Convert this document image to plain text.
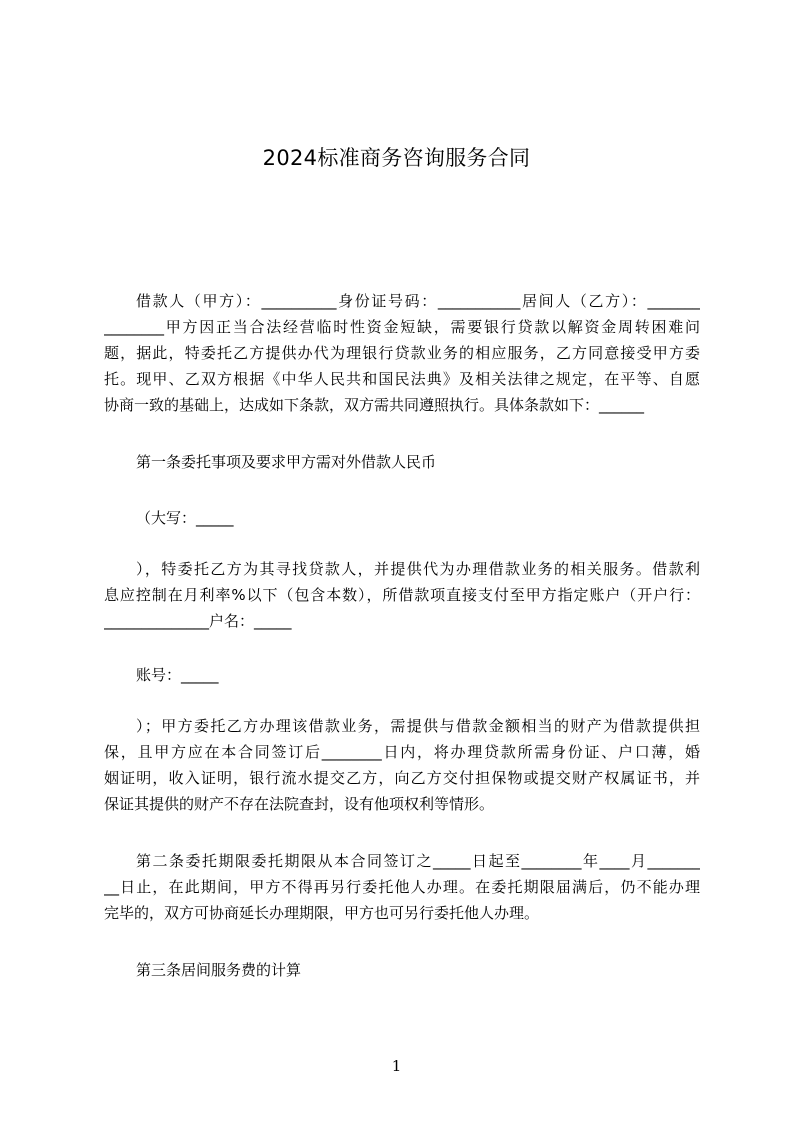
2024标准商务咨询服务合同
借款人（甲方）：__________身份证号码：___________居间人（乙方）：_______
________甲方因正当合法经营临时性资金短缺，需要银行贷款以解资金周转困难问
题，据此，特委托乙方提供办代为理银行贷款业务的相应服务，乙方同意接受甲方委
托。现甲、乙双方根据《中华人民共和国民法典》及相关法律之规定，在平等、自愿
协商一致的基础上，达成如下条款，双方需共同遵照执行。具体条款如下：______
第一条委托事项及要求甲方需对外借款人民币
（大写：_____
），特委托乙方为其寻找贷款人，并提供代为办理借款业务的相关服务。借款利
息应控制在月利率%以下（包含本数），所借款项直接支付至甲方指定账户（开户行：
______________户名：_____
账号：_____
）；甲方委托乙方办理该借款业务，需提供与借款金额相当的财产为借款提供担
保，且甲方应在本合同签订后________日内，将办理贷款所需身份证、户口薄，婚
姻证明，收入证明，银行流水提交乙方，向乙方交付担保物或提交财产权属证书，并
保证其提供的财产不存在法院查封，设有他项权利等情形。
第二条委托期限委托期限从本合同签订之_____日起至________年____月_______
__日止，在此期间，甲方不得再另行委托他人办理。在委托期限届满后，仍不能办理
完毕的，双方可协商延长办理期限，甲方也可另行委托他人办理。
第三条居间服务费的计算
1
